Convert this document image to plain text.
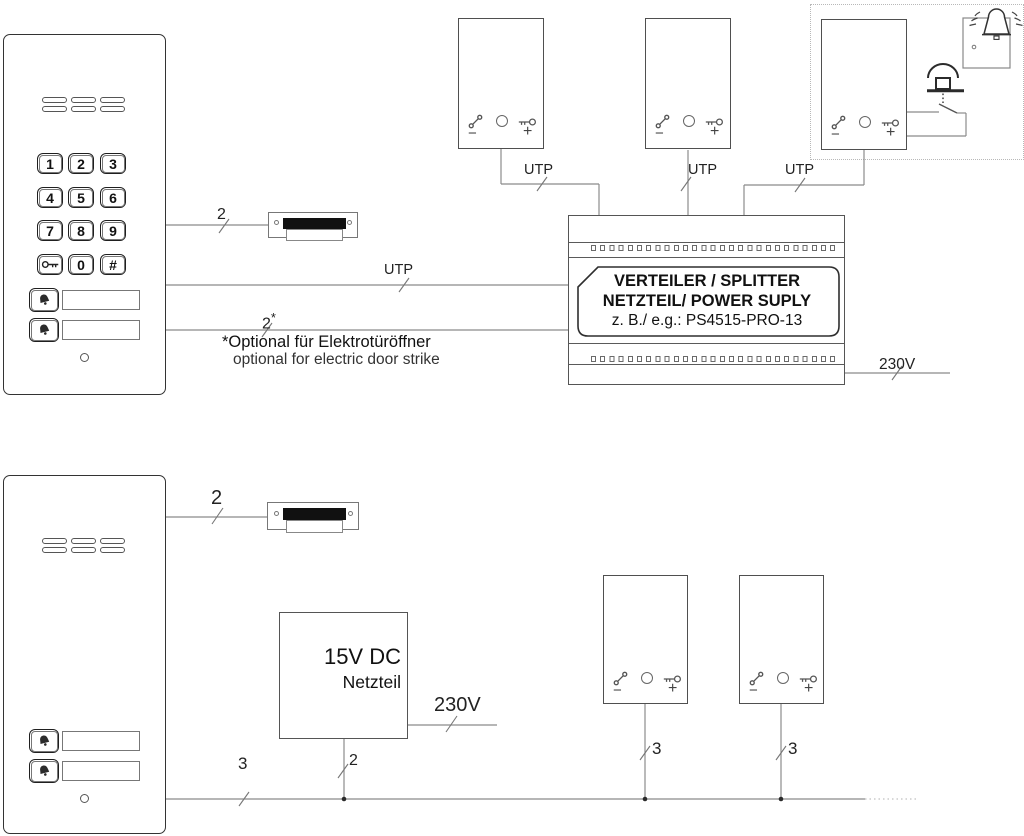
1 2 3
4 5 6
7 8 9
0 #
2
UTP
2*
*Optional für Elektrotüröffner
optional for electric door strike	230V
UTP	UTP	UTP
VERTEILER / SPLITTER
NETZTEIL/ POWER SUPLY
z. B./ e.g.: PS4515-PRO-13
−	+	−	+	−	+
15V DC
Netzteil
2
230V
2
3
3	3
−	+	−	+
